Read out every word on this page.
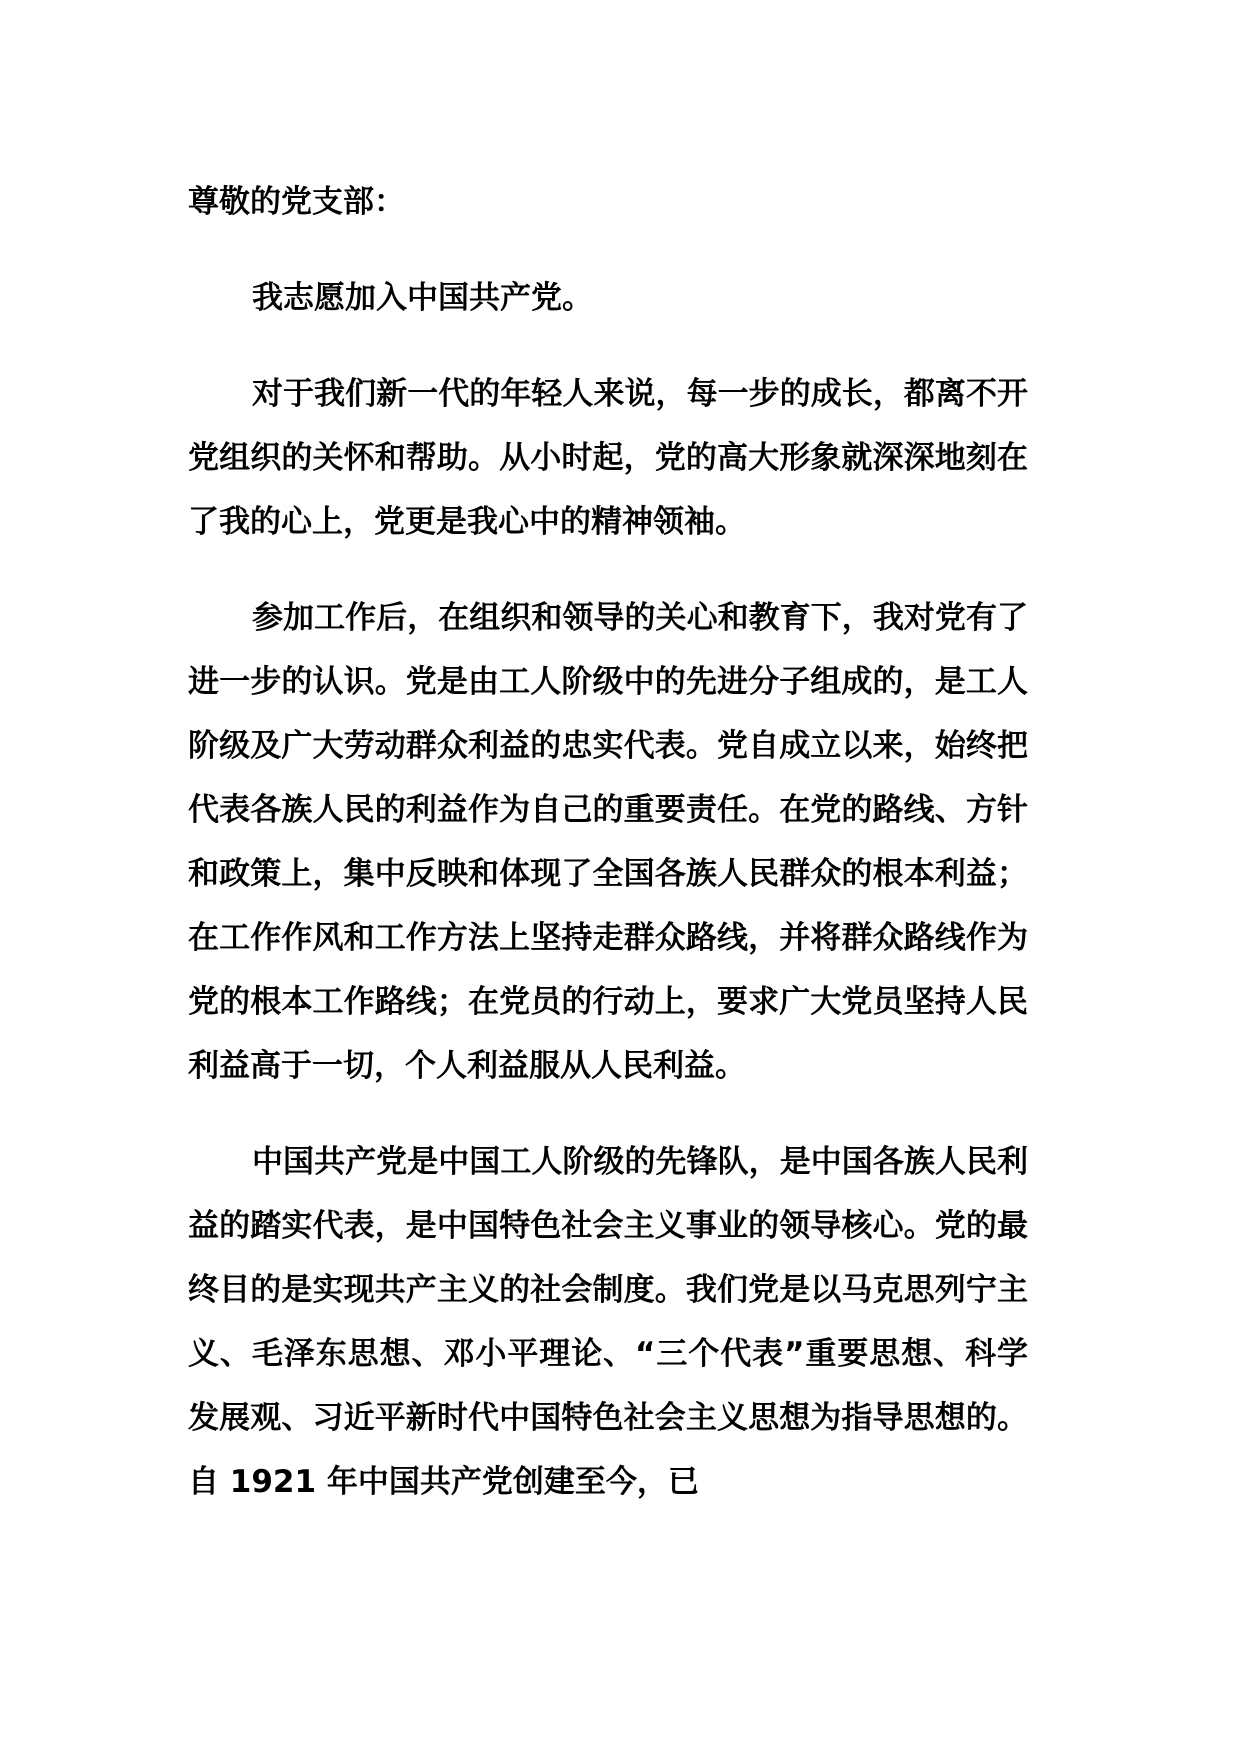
尊敬的党支部：
我志愿加入中国共产党。
对于我们新一代的年轻人来说，每一步的成长，都离不开党组织的关怀和帮助。从小时起，党的高大形象就深深地刻在了我的心上，党更是我心中的精神领袖。
参加工作后，在组织和领导的关心和教育下，我对党有了进一步的认识。党是由工人阶级中的先进分子组成的，是工人阶级及广大劳动群众利益的忠实代表。党自成立以来，始终把代表各族人民的利益作为自己的重要责任。在党的路线、方针和政策上，集中反映和体现了全国各族人民群众的根本利益；在工作作风和工作方法上坚持走群众路线，并将群众路线作为党的根本工作路线；在党员的行动上，要求广大党员坚持人民利益高于一切，个人利益服从人民利益。
中国共产党是中国工人阶级的先锋队，是中国各族人民利益的踏实代表，是中国特色社会主义事业的领导核心。党的最终目的是实现共产主义的社会制度。我们党是以马克思列宁主义、毛泽东思想、邓小平理论、“三个代表”重要思想、科学发展观、习近平新时代中国特色社会主义思想为指导思想的。自 1921 年中国共产党创建至今，已
